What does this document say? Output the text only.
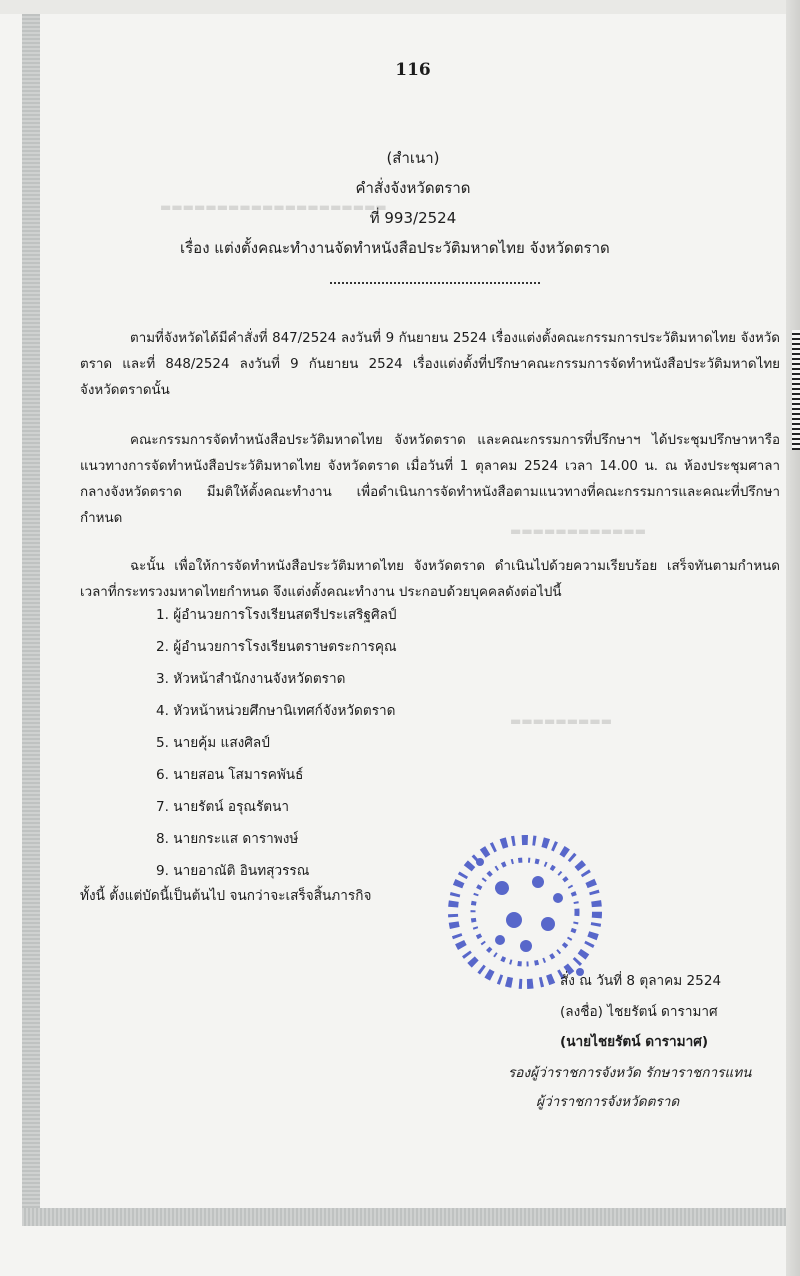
▬▬▬▬▬▬▬▬▬▬▬▬▬▬▬▬▬▬▬▬
▬▬▬▬▬▬▬▬▬▬▬▬
▬▬▬▬▬▬▬▬▬
116
(สำเนา)
คำสั่งจังหวัดตราด
ที่ 993/2524
เรื่อง แต่งตั้งคณะทำงานจัดทำหนังสือประวัติมหาดไทย จังหวัดตราด
ตามที่จังหวัดได้มีคำสั่งที่ 847/2524 ลงวันที่ 9 กันยายน 2524 เรื่องแต่งตั้งคณะกรรมการประวัติมหาดไทย จังหวัดตราด และที่ 848/2524 ลงวันที่ 9 กันยายน 2524 เรื่องแต่งตั้งที่ปรึกษาคณะกรรมการจัดทำหนังสือประวัติมหาดไทย จังหวัดตราดนั้น
คณะกรรมการจัดทำหนังสือประวัติมหาดไทย จังหวัดตราด และคณะกรรมการที่ปรึกษาฯ ได้ประชุมปรึกษาหารือแนวทางการจัดทำหนังสือประวัติมหาดไทย จังหวัดตราด เมื่อวันที่ 1 ตุลาคม 2524 เวลา 14.00 น. ณ ห้องประชุมศาลากลางจังหวัดตราด มีมติให้ตั้งคณะทำงาน เพื่อดำเนินการจัดทำหนังสือตามแนวทางที่คณะกรรมการและคณะที่ปรึกษากำหนด
ฉะนั้น เพื่อให้การจัดทำหนังสือประวัติมหาดไทย จังหวัดตราด ดำเนินไปด้วยความเรียบร้อย เสร็จทันตามกำหนดเวลาที่กระทรวงมหาดไทยกำหนด จึงแต่งตั้งคณะทำงาน ประกอบด้วยบุคคลดังต่อไปนี้
1. ผู้อำนวยการโรงเรียนสตรีประเสริฐศิลป์
2. ผู้อำนวยการโรงเรียนตราษตระการคุณ
3. หัวหน้าสำนักงานจังหวัดตราด
4. หัวหน้าหน่วยศึกษานิเทศก์จังหวัดตราด
5. นายคุ้ม แสงศิลป์
6. นายสอน โสมารคพันธ์
7. นายรัตน์ อรุณรัตนา
8. นายกระแส ดาราพงษ์
9. นายอาณัติ อินทสุวรรณ
ทั้งนี้ ตั้งแต่บัดนี้เป็นต้นไป จนกว่าจะเสร็จสิ้นภารกิจ
สั่ง ณ วันที่ 8 ตุลาคม 2524
(ลงชื่อ) ไชยรัตน์ ดารามาศ
(นายไชยรัตน์ ดารามาศ)
รองผู้ว่าราชการจังหวัด รักษาราชการแทน
ผู้ว่าราชการจังหวัดตราด
